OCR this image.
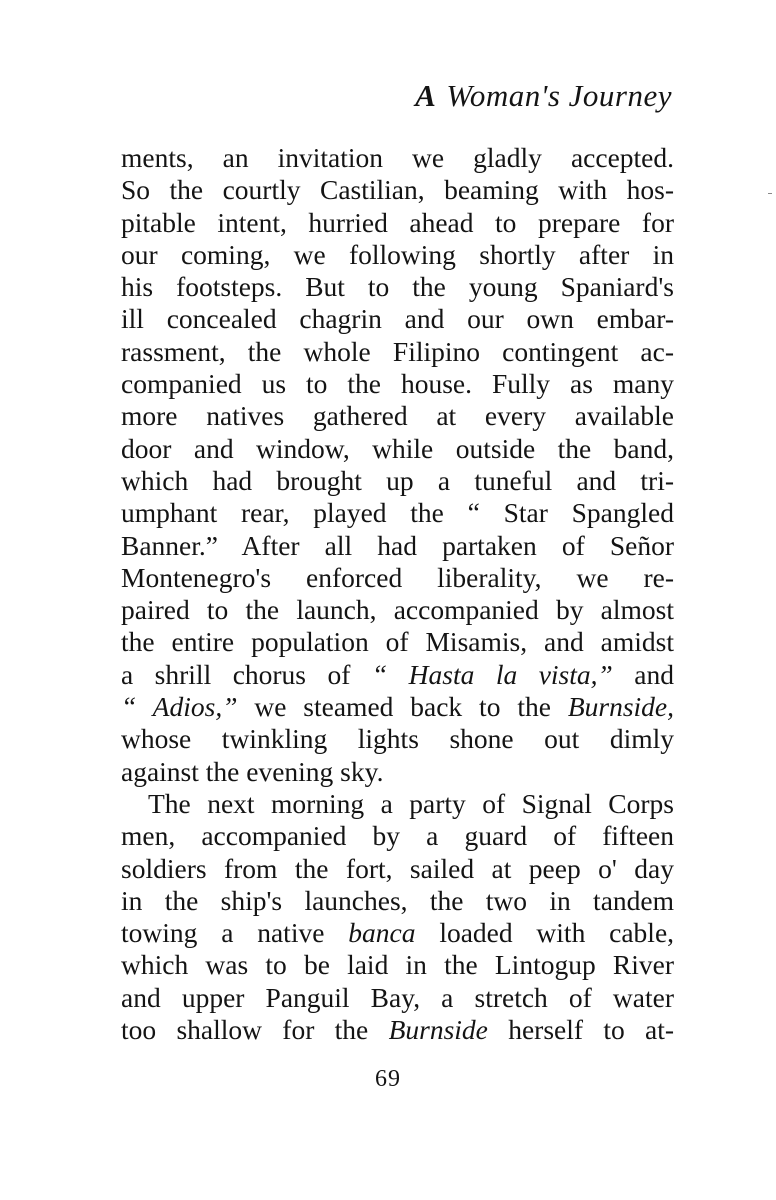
A Woman's Journey
ments, an invitation we gladly accepted.
So the courtly Castilian, beaming with hos-
pitable intent, hurried ahead to prepare for
our coming, we following shortly after in
his footsteps. But to the young Spaniard's
ill concealed chagrin and our own embar-
rassment, the whole Filipino contingent ac-
companied us to the house. Fully as many
more natives gathered at every available
door and window, while outside the band,
which had brought up a tuneful and tri-
umphant rear, played the “ Star Spangled
Banner.” After all had partaken of Señor
Montenegro's enforced liberality, we re-
paired to the launch, accompanied by almost
the entire population of Misamis, and amidst
a shrill chorus of “ Hasta la vista,” and
“ Adios,” we steamed back to the Burnside,
whose twinkling lights shone out dimly
against the evening sky.
The next morning a party of Signal Corps
men, accompanied by a guard of fifteen
soldiers from the fort, sailed at peep o' day
in the ship's launches, the two in tandem
towing a native banca loaded with cable,
which was to be laid in the Lintogup River
and upper Panguil Bay, a stretch of water
too shallow for the Burnside herself to at-
69
